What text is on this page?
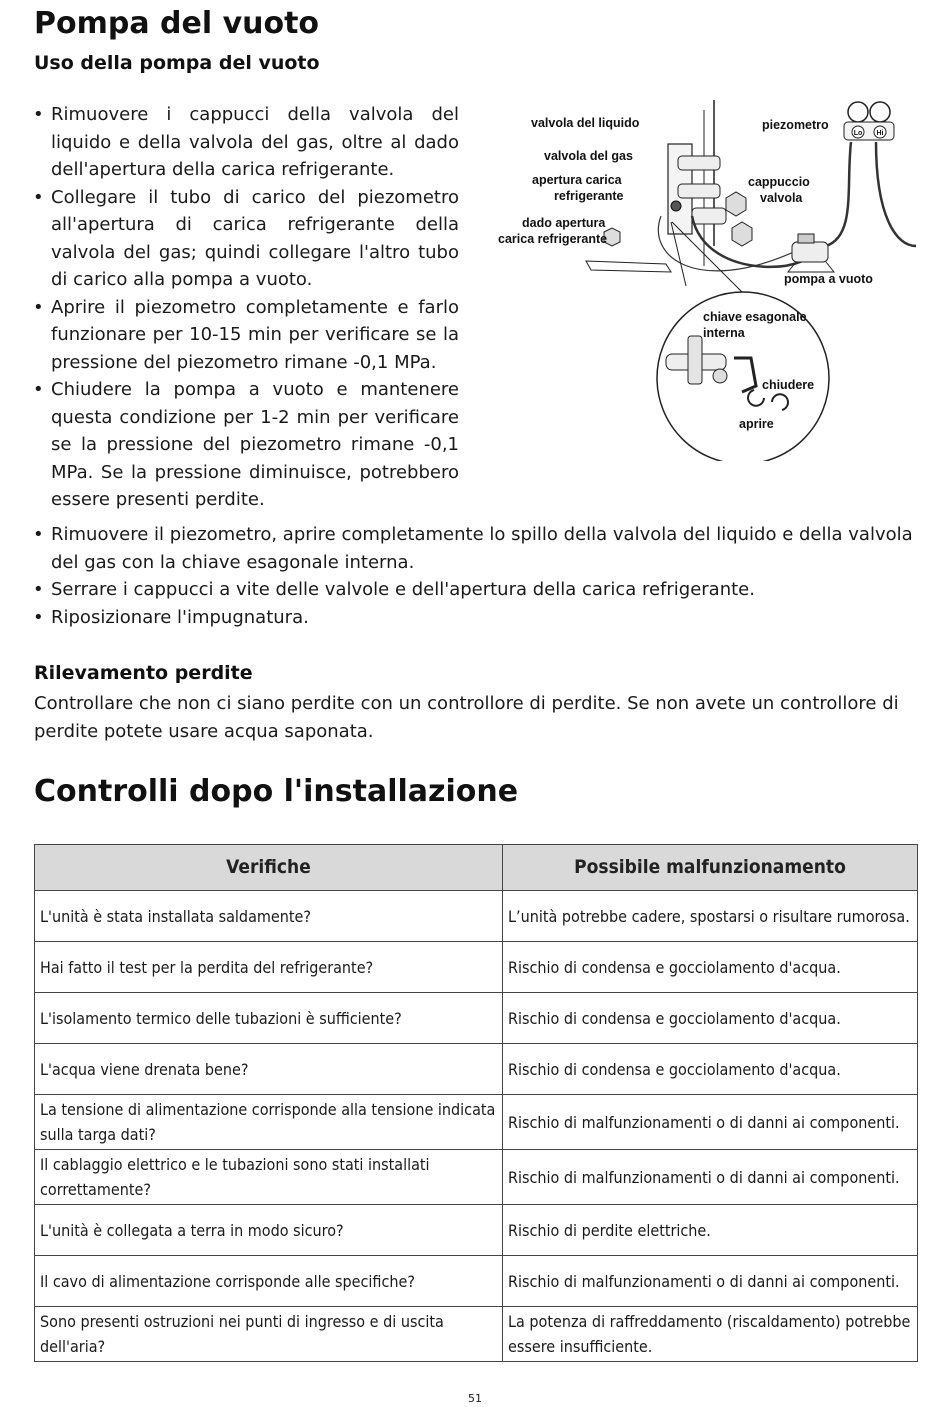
Pompa del vuoto
Uso della pompa del vuoto
• Rimuovere i cappucci della valvola del liquido e della valvola del gas, oltre al dado dell'apertura della carica refrigerante.
• Collegare il tubo di carico del piezometro all'apertura di carica refrigerante della valvola del gas; quindi collegare l'altro tubo di carico alla pompa a vuoto.
• Aprire il piezometro completamente e farlo funzionare per 10-15 min per verificare se la pressione del piezometro rimane -0,1 MPa.
• Chiudere la pompa a vuoto e mantenere questa condizione per 1-2 min per verificare se la pressione del piezometro rimane -0,1 MPa. Se la pressione diminuisce, potrebbero essere presenti perdite.
Lo Hi
valvola del liquido
valvola del gas
apertura carica
refrigerante
dado apertura
carica refrigerante
piezometro
cappuccio
valvola
pompa a vuoto
chiave esagonale
interna
chiudere
aprire
• Rimuovere il piezometro, aprire completamente lo spillo della valvola del liquido e della valvola del gas con la chiave esagonale interna.
• Serrare i cappucci a vite delle valvole e dell'apertura della carica refrigerante.
• Riposizionare l'impugnatura.
Rilevamento perdite

Controllare che non ci siano perdite con un controllore di perdite. Se non avete un controllore di perdite potete usare acqua saponata.

Controlli dopo l'installazione
Verifiche	Possibile malfunzionamento
L'unità è stata installata saldamente?	L’unità potrebbe cadere, spostarsi o risultare rumorosa.
Hai fatto il test per la perdita del refrigerante?	Rischio di condensa e gocciolamento d'acqua.
L'isolamento termico delle tubazioni è sufficiente?	Rischio di condensa e gocciolamento d'acqua.
L'acqua viene drenata bene?	Rischio di condensa e gocciolamento d'acqua.
La tensione di alimentazione corrisponde alla tensione indicata sulla targa dati?	Rischio di malfunzionamenti o di danni ai componenti.
Il cablaggio elettrico e le tubazioni sono stati installati correttamente?	Rischio di malfunzionamenti o di danni ai componenti.
L'unità è collegata a terra in modo sicuro?	Rischio di perdite elettriche.
Il cavo di alimentazione corrisponde alle specifiche?	Rischio di malfunzionamenti o di danni ai componenti.
Sono presenti ostruzioni nei punti di ingresso e di uscita dell'aria?	La potenza di raffreddamento (riscaldamento) potrebbe essere insufficiente.
51
